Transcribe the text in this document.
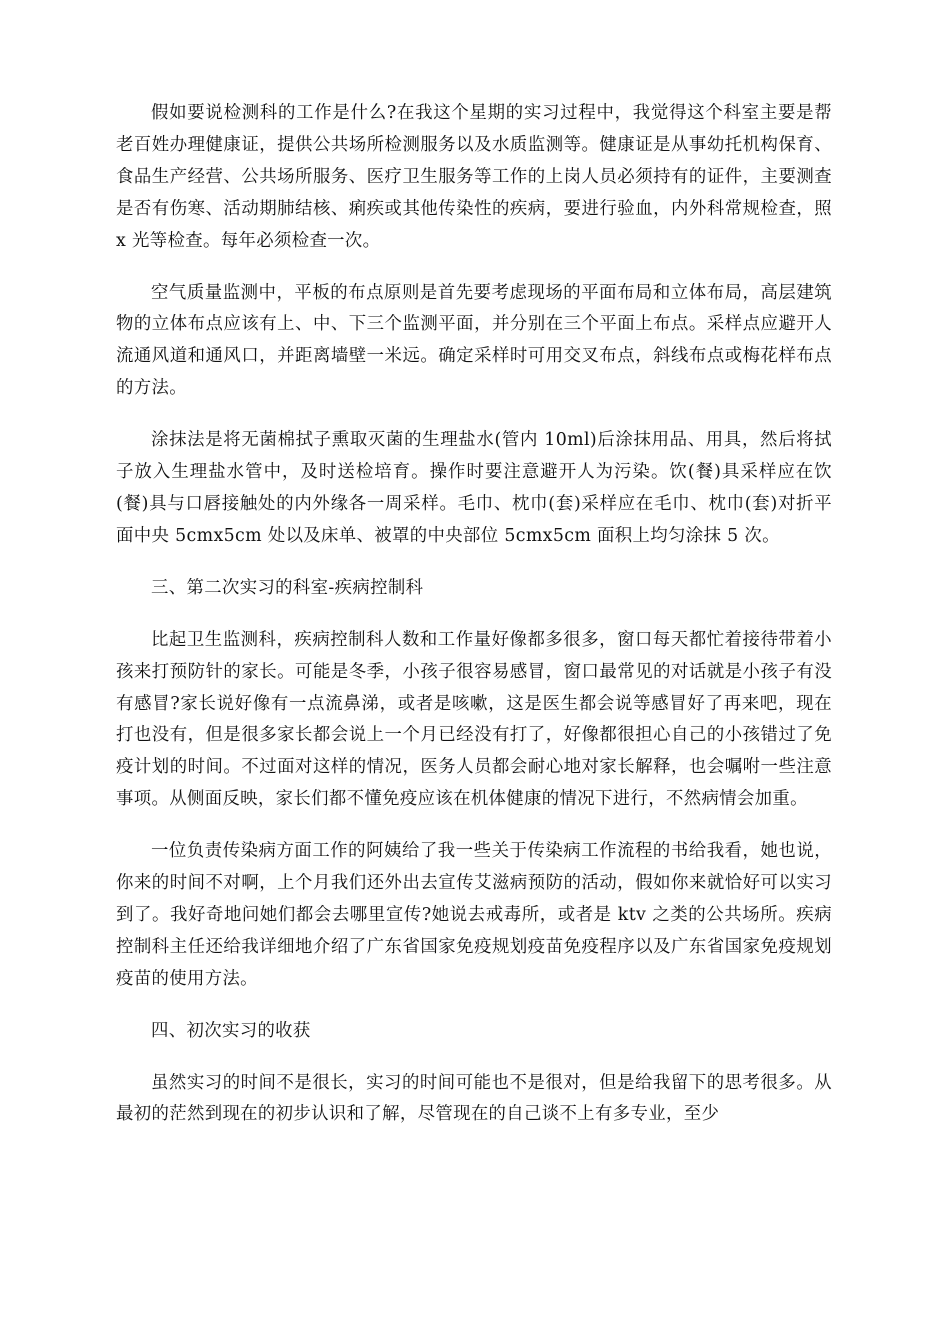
假如要说检测科的工作是什么?在我这个星期的实习过程中，我觉得这个科室主要是帮老百姓办理健康证，提供公共场所检测服务以及水质监测等。健康证是从事幼托机构保育、食品生产经营、公共场所服务、医疗卫生服务等工作的上岗人员必须持有的证件，主要测查是否有伤寒、活动期肺结核、痢疾或其他传染性的疾病，要进行验血，内外科常规检查，照 x 光等检查。每年必须检查一次。

空气质量监测中，平板的布点原则是首先要考虑现场的平面布局和立体布局，高层建筑物的立体布点应该有上、中、下三个监测平面，并分别在三个平面上布点。采样点应避开人流通风道和通风口，并距离墙壁一米远。确定采样时可用交叉布点，斜线布点或梅花样布点的方法。

涂抹法是将无菌棉拭子熏取灭菌的生理盐水(管内 10ml)后涂抹用品、用具，然后将拭子放入生理盐水管中，及时送检培育。操作时要注意避开人为污染。饮(餐)具采样应在饮(餐)具与口唇接触处的内外缘各一周采样。毛巾、枕巾(套)采样应在毛巾、枕巾(套)对折平面中央 5cmx5cm 处以及床单、被罩的中央部位 5cmx5cm 面积上均匀涂抹 5 次。

三、第二次实习的科室-疾病控制科

比起卫生监测科，疾病控制科人数和工作量好像都多很多，窗口每天都忙着接待带着小孩来打预防针的家长。可能是冬季，小孩子很容易感冒，窗口最常见的对话就是小孩子有没有感冒?家长说好像有一点流鼻涕，或者是咳嗽，这是医生都会说等感冒好了再来吧，现在打也没有，但是很多家长都会说上一个月已经没有打了，好像都很担心自己的小孩错过了免疫计划的时间。不过面对这样的情况，医务人员都会耐心地对家长解释，也会嘱咐一些注意事项。从侧面反映，家长们都不懂免疫应该在机体健康的情况下进行，不然病情会加重。

一位负责传染病方面工作的阿姨给了我一些关于传染病工作流程的书给我看，她也说，你来的时间不对啊，上个月我们还外出去宣传艾滋病预防的活动，假如你来就恰好可以实习到了。我好奇地问她们都会去哪里宣传?她说去戒毒所，或者是 ktv 之类的公共场所。疾病控制科主任还给我详细地介绍了广东省国家免疫规划疫苗免疫程序以及广东省国家免疫规划疫苗的使用方法。

四、初次实习的收获

虽然实习的时间不是很长，实习的时间可能也不是很对，但是给我留下的思考很多。从最初的茫然到现在的初步认识和了解，尽管现在的自己谈不上有多专业，至少
